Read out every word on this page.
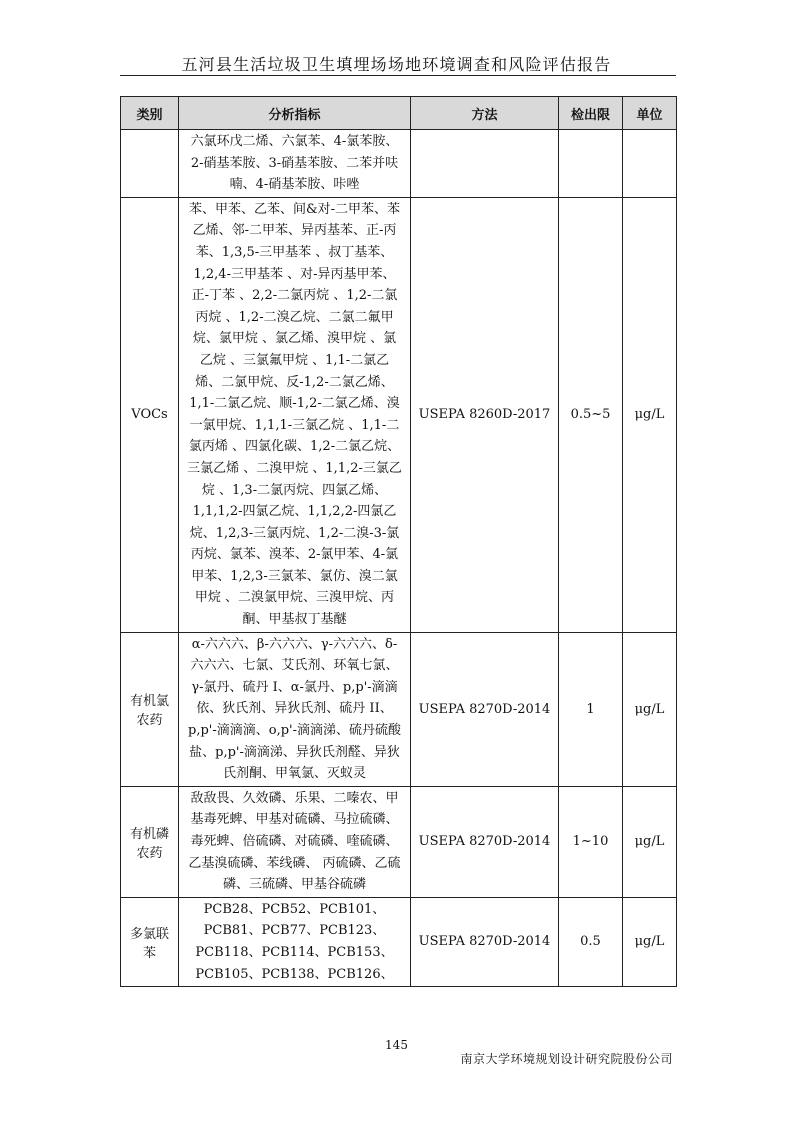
五河县生活垃圾卫生填埋场场地环境调查和风险评估报告
类别	分析指标	方法	检出限	单位
	六氯环戊二烯、六氯苯、4-氯苯胺、2-硝基苯胺、3-硝基苯胺、二苯并呋喃、4-硝基苯胺、咔唑			
VOCs	苯、甲苯、乙苯、间&对-二甲苯、苯乙烯、邻-二甲苯、异丙基苯、正-丙苯、1,3,5-三甲基苯 、叔丁基苯、1,2,4-三甲基苯 、对-异丙基甲苯、正-丁苯 、2,2-二氯丙烷 、1,2-二氯丙烷 、1,2-二溴乙烷、二氯二氟甲烷、氯甲烷 、氯乙烯、溴甲烷 、氯乙烷 、三氯氟甲烷 、1,1-二氯乙烯、二氯甲烷、反-1,2-二氯乙烯、1,1-二氯乙烷、顺-1,2-二氯乙烯、溴一氯甲烷、1,1,1-三氯乙烷 、1,1-二氯丙烯 、四氯化碳、1,2-二氯乙烷、三氯乙烯 、二溴甲烷 、1,1,2-三氯乙烷 、1,3-二氯丙烷、四氯乙烯、1,1,1,2-四氯乙烷、1,1,2,2-四氯乙烷、1,2,3-三氯丙烷、1,2-二溴-3-氯丙烷、氯苯、溴苯、2-氯甲苯、4-氯甲苯、1,2,3-三氯苯、氯仿、溴二氯甲烷 、二溴氯甲烷、三溴甲烷、丙酮、甲基叔丁基醚	USEPA 8260D-2017	0.5~5	μg/L
有机氯农药	α-六六六、β-六六六、γ-六六六、δ-六六六、七氯、艾氏剂、环氧七氯、γ-氯丹、硫丹 I、α-氯丹、p,p'-滴滴依、狄氏剂、异狄氏剂、硫丹 II、p,p'-滴滴滴、o,p'-滴滴涕、硫丹硫酸盐、p,p'-滴滴涕、异狄氏剂醛、异狄氏剂酮、甲氧氯、灭蚁灵	USEPA 8270D-2014	1	μg/L
有机磷农药	敌敌畏、久效磷、乐果、二嗪农、甲基毒死蜱、甲基对硫磷、马拉硫磷、毒死蜱、倍硫磷、对硫磷、喹硫磷、乙基溴硫磷、苯线磷、 丙硫磷、乙硫磷、三硫磷、甲基谷硫磷	USEPA 8270D-2014	1~10	μg/L
多氯联苯	PCB28、PCB52、PCB101、PCB81、PCB77、PCB123、PCB118、PCB114、PCB153、PCB105、PCB138、PCB126、	USEPA 8270D-2014	0.5	μg/L
145
南京大学环境规划设计研究院股份公司
